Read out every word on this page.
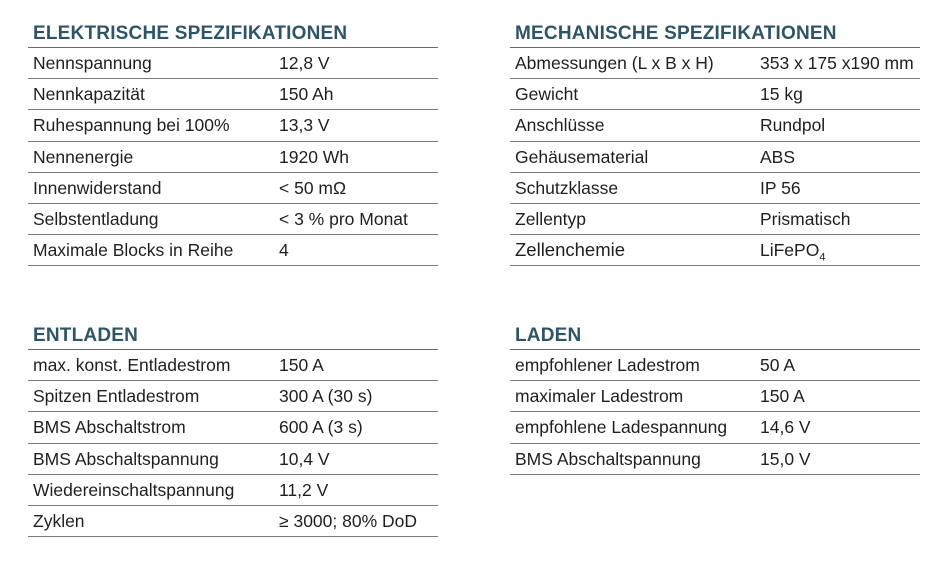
ELEKTRISCHE SPEZIFIKATIONEN
Nennspannung	12,8 V
Nennkapazität	150 Ah
Ruhespannung bei 100%	13,3 V
Nennenergie	1920 Wh
Innenwiderstand	< 50 mΩ
Selbstentladung	< 3 % pro Monat
Maximale Blocks in Reihe	4
MECHANISCHE SPEZIFIKATIONEN
Abmessungen (L x B x H)	353 x 175 x190 mm
Gewicht	15 kg
Anschlüsse	Rundpol
Gehäusematerial	ABS
Schutzklasse	IP 56
Zellentyp	Prismatisch
Zellenchemie	LiFePO$_4$
ENTLADEN
max. konst. Entladestrom	150 A
Spitzen Entladestrom	300 A (30 s)
BMS Abschaltstrom	600 A (3 s)
BMS Abschaltspannung	10,4 V
Wiedereinschaltspannung	11,2 V
Zyklen	≥ 3000; 80% DoD
LADEN
empfohlener Ladestrom	50 A
maximaler Ladestrom	150 A
empfohlene Ladespannung	14,6 V
BMS Abschaltspannung	15,0 V
